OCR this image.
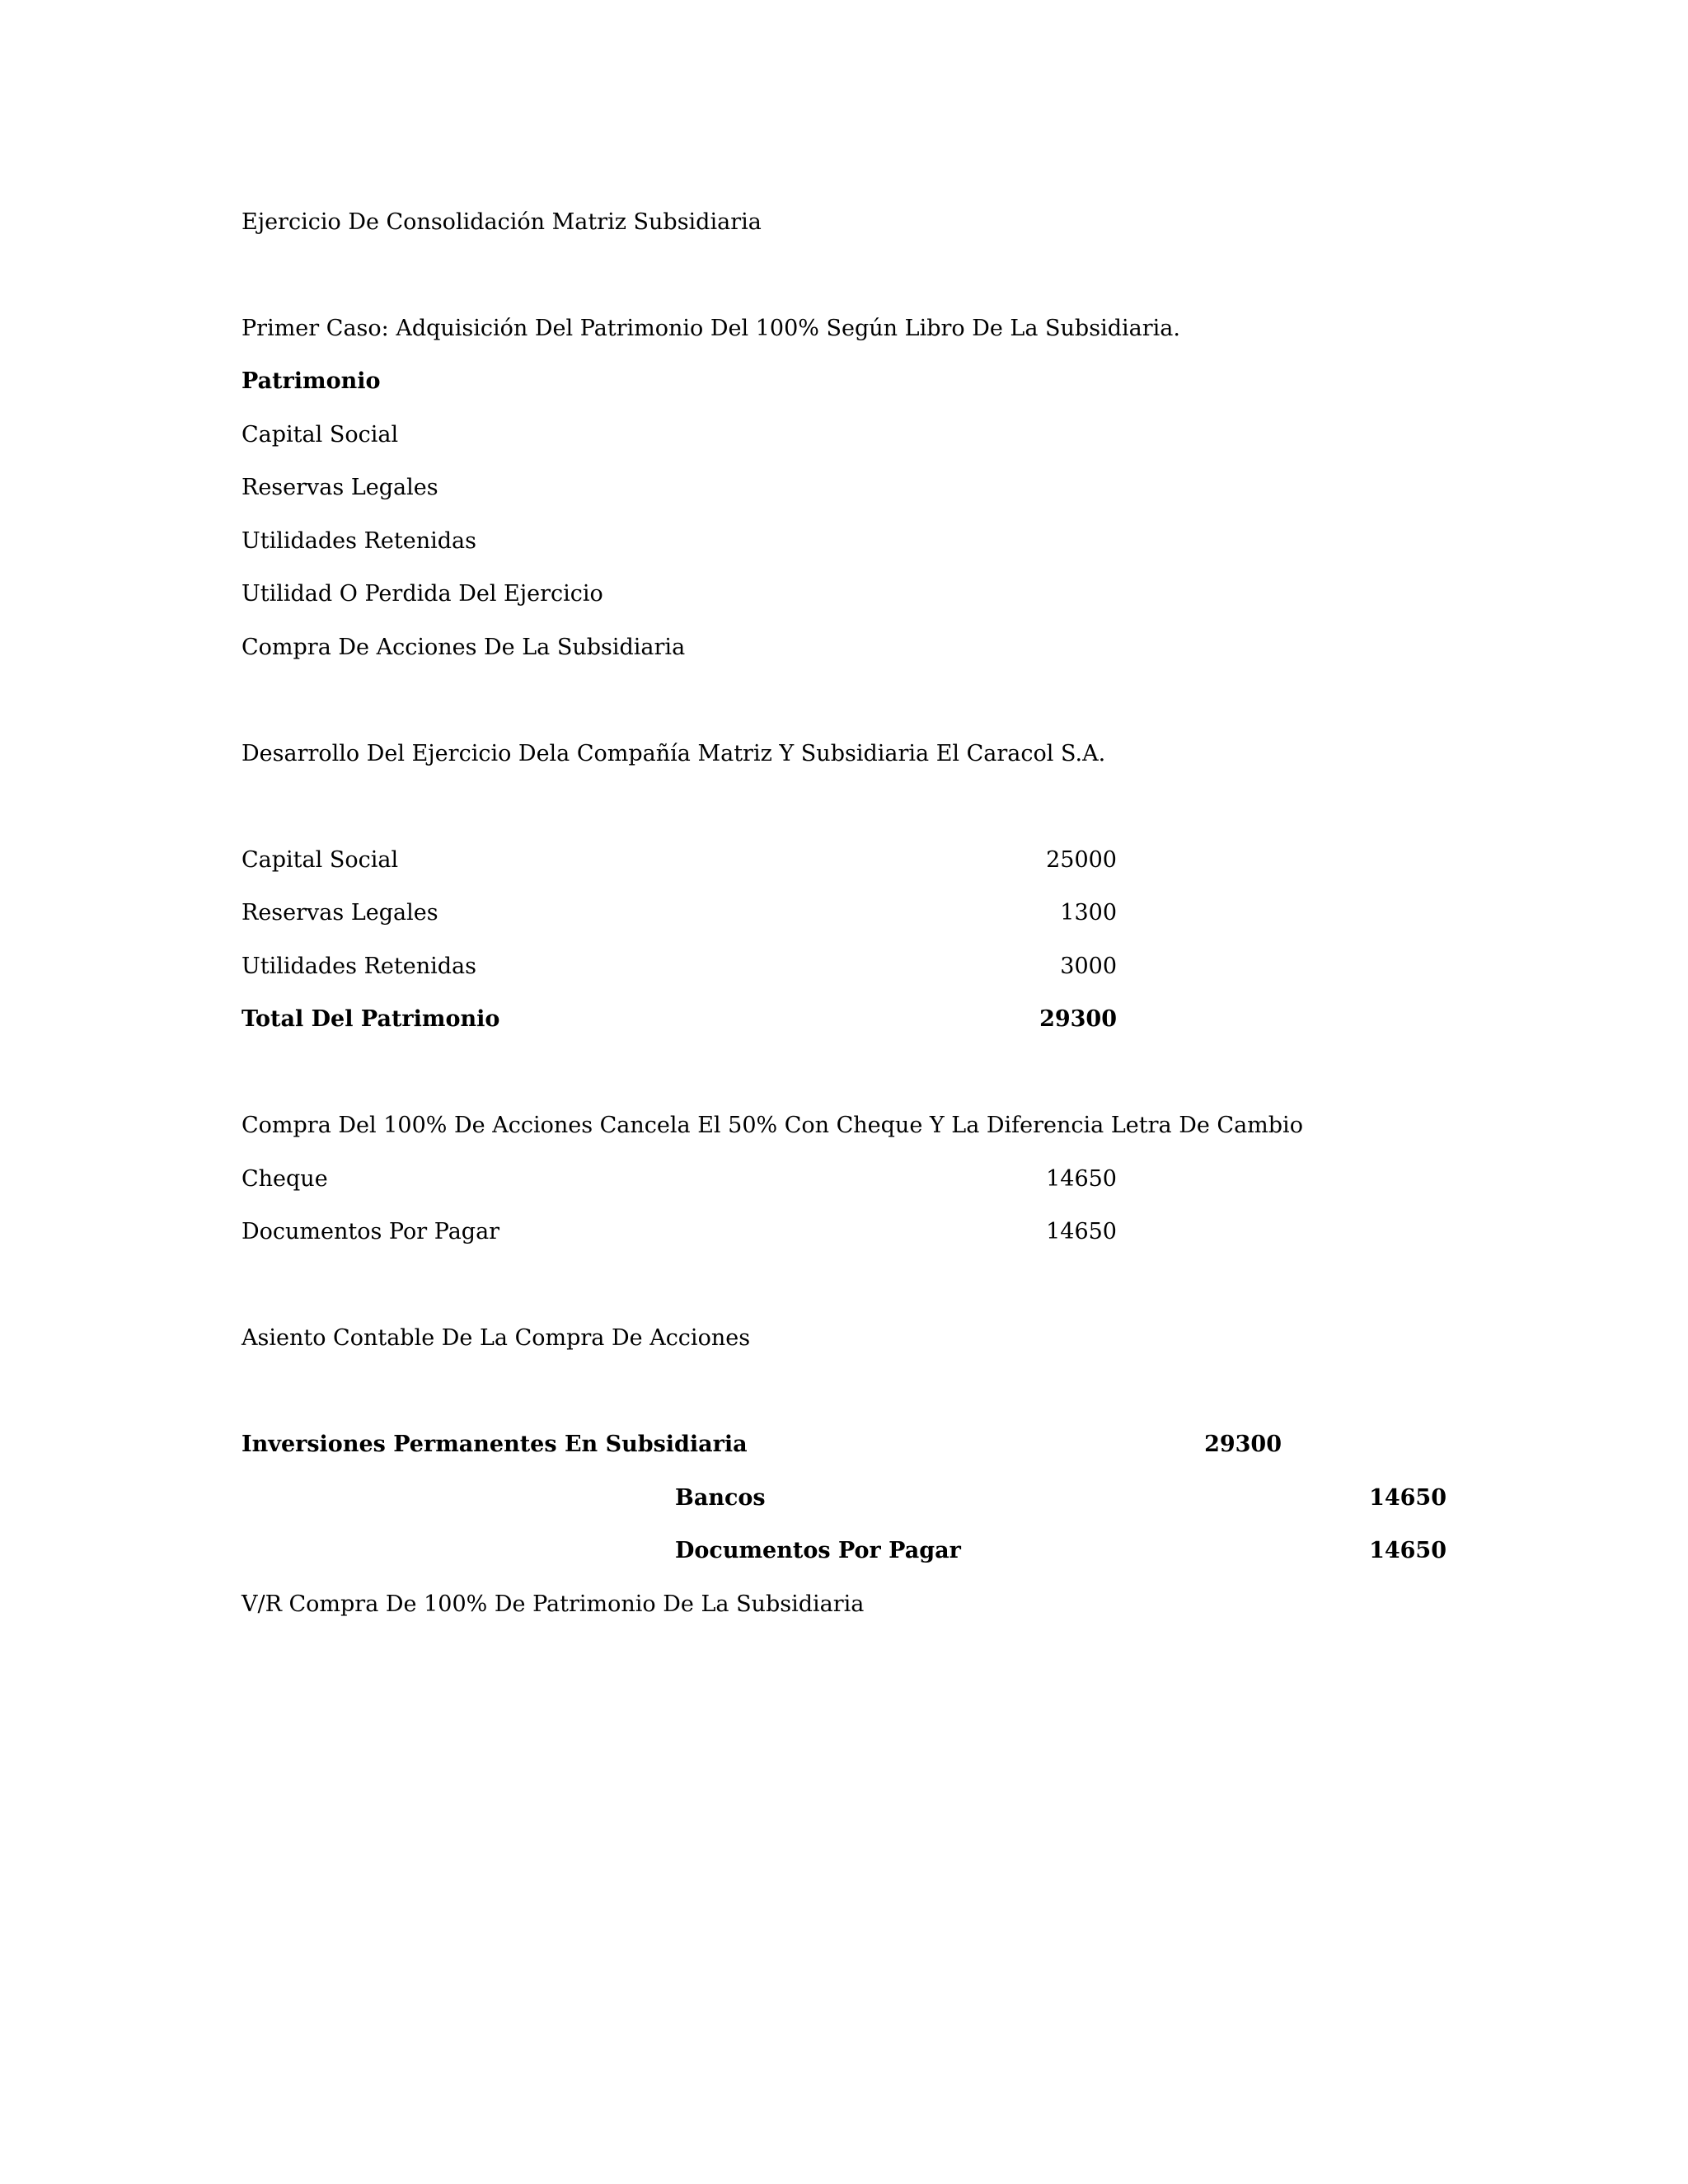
Ejercicio De Consolidación Matriz Subsidiaria
Primer Caso: Adquisición Del Patrimonio Del 100% Según Libro De La Subsidiaria.
Patrimonio
Capital Social
Reservas Legales
Utilidades Retenidas
Utilidad O Perdida Del Ejercicio
Compra De Acciones De La Subsidiaria
Desarrollo Del Ejercicio Dela Compañía Matriz Y Subsidiaria El Caracol S.A.
Capital Social	25000
Reservas Legales	1300
Utilidades Retenidas	3000
Total Del Patrimonio	29300
Compra Del 100% De Acciones Cancela El 50% Con Cheque Y La Diferencia Letra De Cambio
Cheque	14650
Documentos Por Pagar	14650
Asiento Contable De La Compra De Acciones
Inversiones Permanentes En Subsidiaria	29300
Bancos	14650
Documentos Por Pagar	14650
V/R Compra De 100% De Patrimonio De La Subsidiaria
